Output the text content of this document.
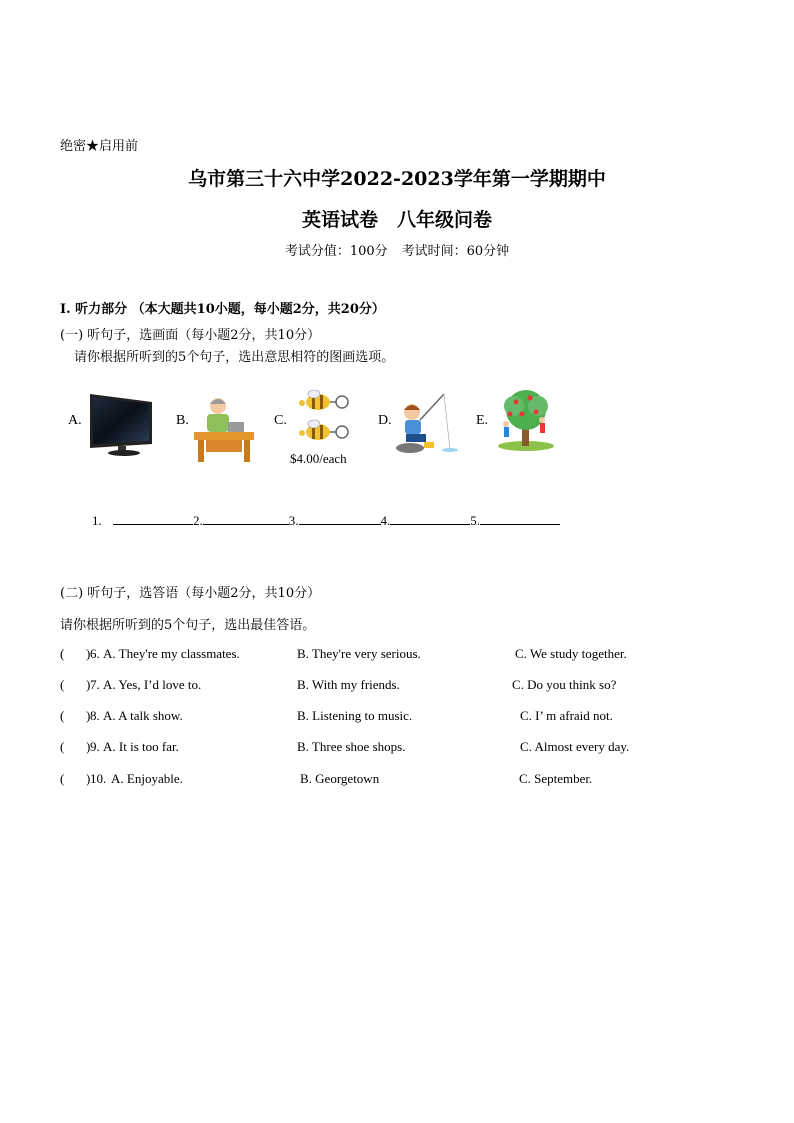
绝密★启用前
乌市第三十六中学2022-2023学年第一学期期中
英语试卷　八年级问卷
考试分值：100分 考试时间：60分钟
Ⅰ. 听力部分 （本大题共10小题，每小题2分，共20分）
(一) 听句子，选画面（每小题2分，共10分）
请你根据所听到的5个句子，选出意思相符的图画选项。
A.	B.	C.
$4.00/each
D.	E.
1.	2.	3.	4.	5.
(二) 听句子，选答语（每小题2分，共10分）
请你根据所听到的5个句子，选出最佳答语。
( ) 6. A. They're my classmates.	B. They're very serious.	C. We study together.
( ) 7. A. Yes, I’d love to.	B. With my friends.	C. Do you think so?
( ) 8. A. A talk show.	B. Listening to music.	C. I’ m afraid not.
( ) 9. A. It is too far.	B. Three shoe shops.	C. Almost every day.
( ) 10. A. Enjoyable.	B. Georgetown	C. September.
